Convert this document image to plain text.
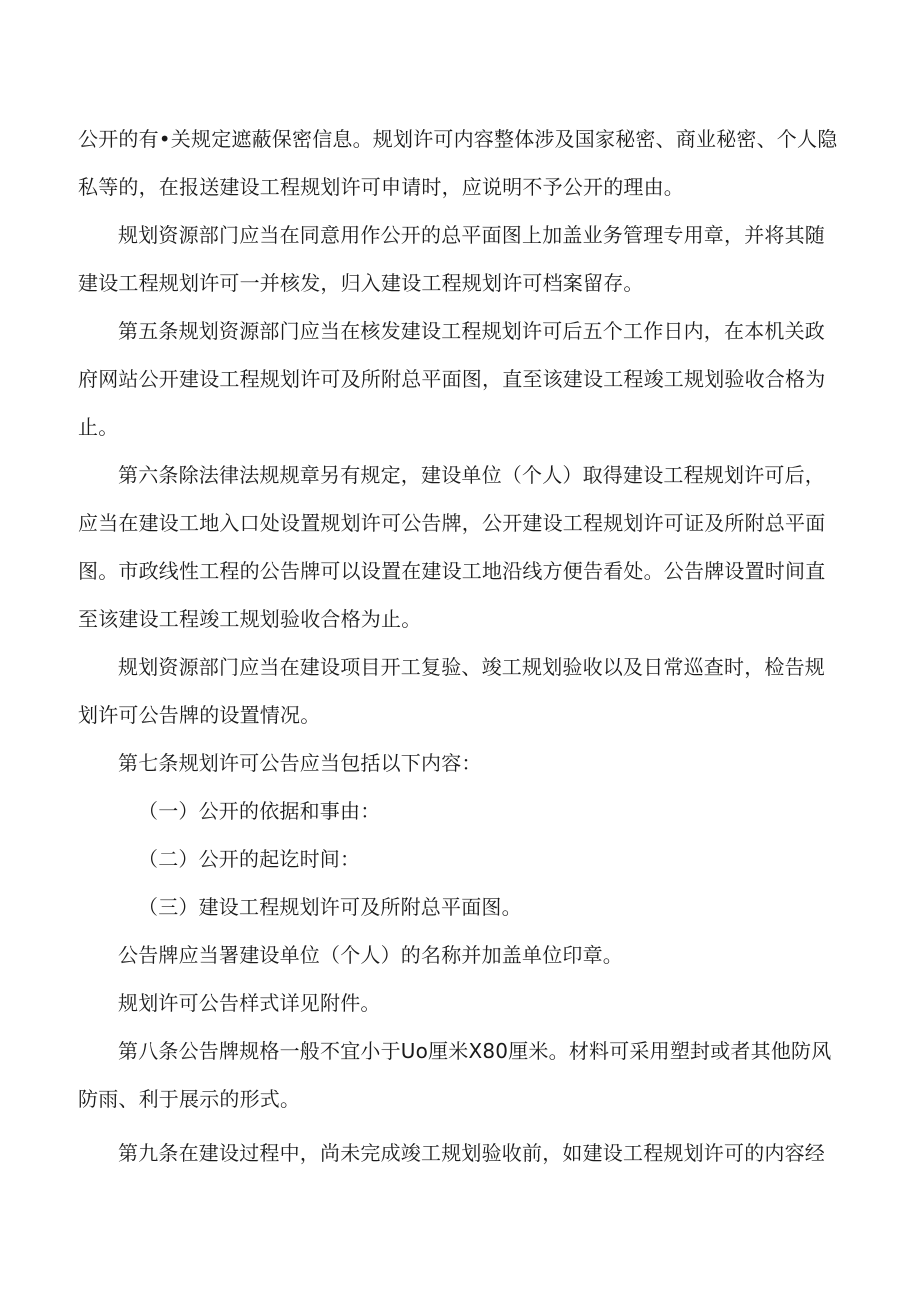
公开的有•关规定遮蔽保密信息。规划许可内容整体涉及国家秘密、商业秘密、个人隐

私等的，在报送建设工程规划许可申请时，应说明不予公开的理由。

规划资源部门应当在同意用作公开的总平面图上加盖业务管理专用章，并将其随

建设工程规划许可一并核发，归入建设工程规划许可档案留存。

第五条规划资源部门应当在核发建设工程规划许可后五个工作日内，在本机关政

府网站公开建设工程规划许可及所附总平面图，直至该建设工程竣工规划验收合格为

止。

第六条除法律法规规章另有规定，建设单位（个人）取得建设工程规划许可后，

应当在建设工地入口处设置规划许可公告牌，公开建设工程规划许可证及所附总平面

图。市政线性工程的公告牌可以设置在建设工地沿线方便告看处。公告牌设置时间直

至该建设工程竣工规划验收合格为止。

规划资源部门应当在建设项目开工复验、竣工规划验收以及日常巡查时，检告规

划许可公告牌的设置情况。

第七条规划许可公告应当包括以下内容：

（一）公开的依据和事由：

（二）公开的起讫时间：

（三）建设工程规划许可及所附总平面图。

公告牌应当署建设单位（个人）的名称并加盖单位印章。

规划许可公告样式详见附件。

第八条公告牌规格一般不宜小于Uo厘米X80厘米。材料可采用塑封或者其他防风

防雨、利于展示的形式。

第九条在建设过程中，尚未完成竣工规划验收前，如建设工程规划许可的内容经
